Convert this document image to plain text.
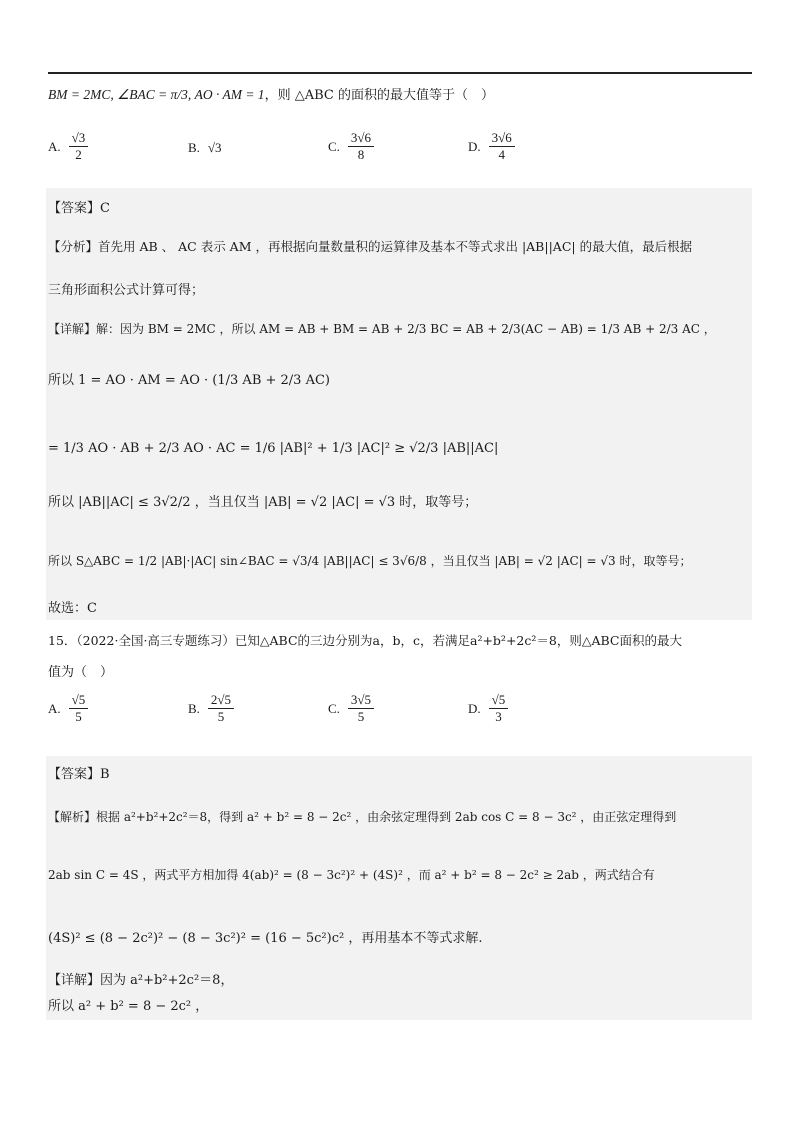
BM = 2MC, ∠BAC = π/3, AO · AM = 1，则 △ABC 的面积的最大值等于（　）
A. $\frac{√3}{2}$	B. √3	C. $\frac{3√6}{8}$	D. $\frac{3√6}{4}$
【答案】C
【分析】首先用 AB 、 AC 表示 AM ，再根据向量数量积的运算律及基本不等式求出 |AB||AC| 的最大值，最后根据
三角形面积公式计算可得；
【详解】解：因为 BM = 2MC ，所以 AM = AB + BM = AB + 2/3 BC = AB + 2/3(AC − AB) = 1/3 AB + 2/3 AC ，
所以 1 = AO · AM = AO · (1/3 AB + 2/3 AC)
= 1/3 AO · AB + 2/3 AO · AC = 1/6 |AB|² + 1/3 |AC|² ≥ √2/3 |AB||AC|
所以 |AB||AC| ≤ 3√2/2 ，当且仅当 |AB| = √2 |AC| = √3 时，取等号；
所以 S△ABC = 1/2 |AB|·|AC| sin∠BAC = √3/4 |AB||AC| ≤ 3√6/8 ，当且仅当 |AB| = √2 |AC| = √3 时，取等号；
故选：C
15．（2022·全国·高三专题练习）已知△ABC的三边分别为a，b，c，若满足a²+b²+2c²＝8，则△ABC面积的最大
值为（　）
A. $\frac{√5}{5}$	B. $\frac{2√5}{5}$	C. $\frac{3√5}{5}$	D. $\frac{√5}{3}$
【答案】B
【解析】根据 a²+b²+2c²＝8，得到 a² + b² = 8 − 2c² ，由余弦定理得到 2ab cos C = 8 − 3c² ，由正弦定理得到
2ab sin C = 4S ，两式平方相加得 4(ab)² = (8 − 3c²)² + (4S)² ，而 a² + b² = 8 − 2c² ≥ 2ab ，两式结合有
(4S)² ≤ (8 − 2c²)² − (8 − 3c²)² = (16 − 5c²)c² ，再用基本不等式求解.
【详解】因为 a²+b²+2c²＝8，
所以 a² + b² = 8 − 2c² ，
